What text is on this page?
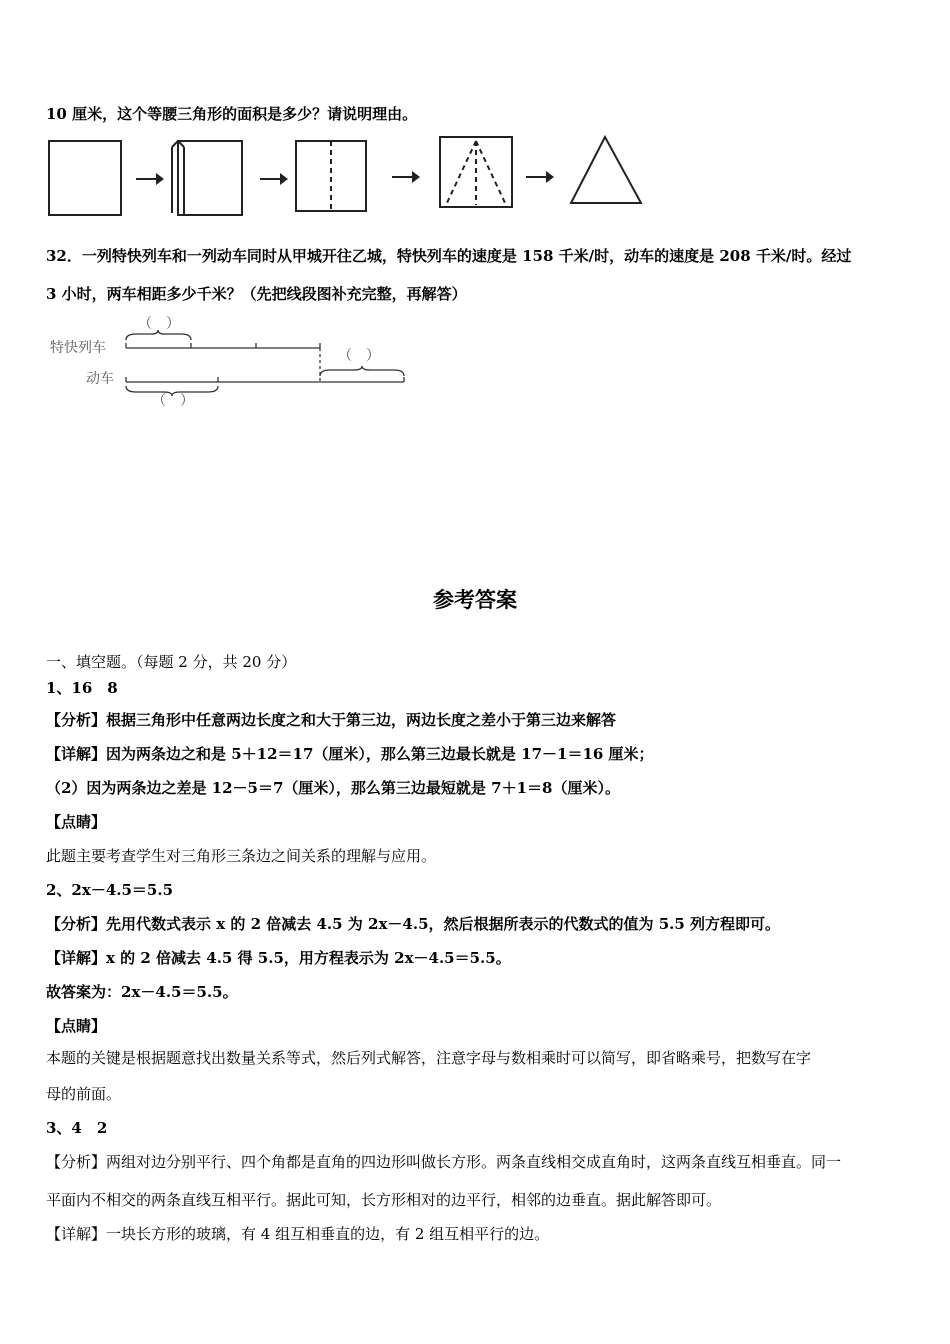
10 厘米，这个等腰三角形的面积是多少？请说明理由。
32．一列特快列车和一列动车同时从甲城开往乙城，特快列车的速度是 158 千米/时，动车的速度是 208 千米/时。经过
3 小时，两车相距多少千米？（先把线段图补充完整，再解答）
特快列车
动车
（　）
（　）
（　）
参考答案
一、填空题。（每题 2 分，共 20 分）
1、16　8
【分析】根据三角形中任意两边长度之和大于第三边，两边长度之差小于第三边来解答
【详解】因为两条边之和是 5＋12＝17（厘米），那么第三边最长就是 17－1＝16 厘米；
（2）因为两条边之差是 12－5＝7（厘米），那么第三边最短就是 7＋1＝8（厘米）。
【点睛】
此题主要考查学生对三角形三条边之间关系的理解与应用。
2、2x－4.5＝5.5
【分析】先用代数式表示 x 的 2 倍减去 4.5 为 2x－4.5，然后根据所表示的代数式的值为 5.5 列方程即可。
【详解】x 的 2 倍减去 4.5 得 5.5，用方程表示为 2x－4.5＝5.5。
故答案为：2x－4.5＝5.5。
【点睛】
本题的关键是根据题意找出数量关系等式，然后列式解答，注意字母与数相乘时可以简写，即省略乘号，把数写在字
母的前面。
3、4　2
【分析】两组对边分别平行、四个角都是直角的四边形叫做长方形。两条直线相交成直角时，这两条直线互相垂直。同一
平面内不相交的两条直线互相平行。据此可知，长方形相对的边平行，相邻的边垂直。据此解答即可。
【详解】一块长方形的玻璃，有 4 组互相垂直的边，有 2 组互相平行的边。
